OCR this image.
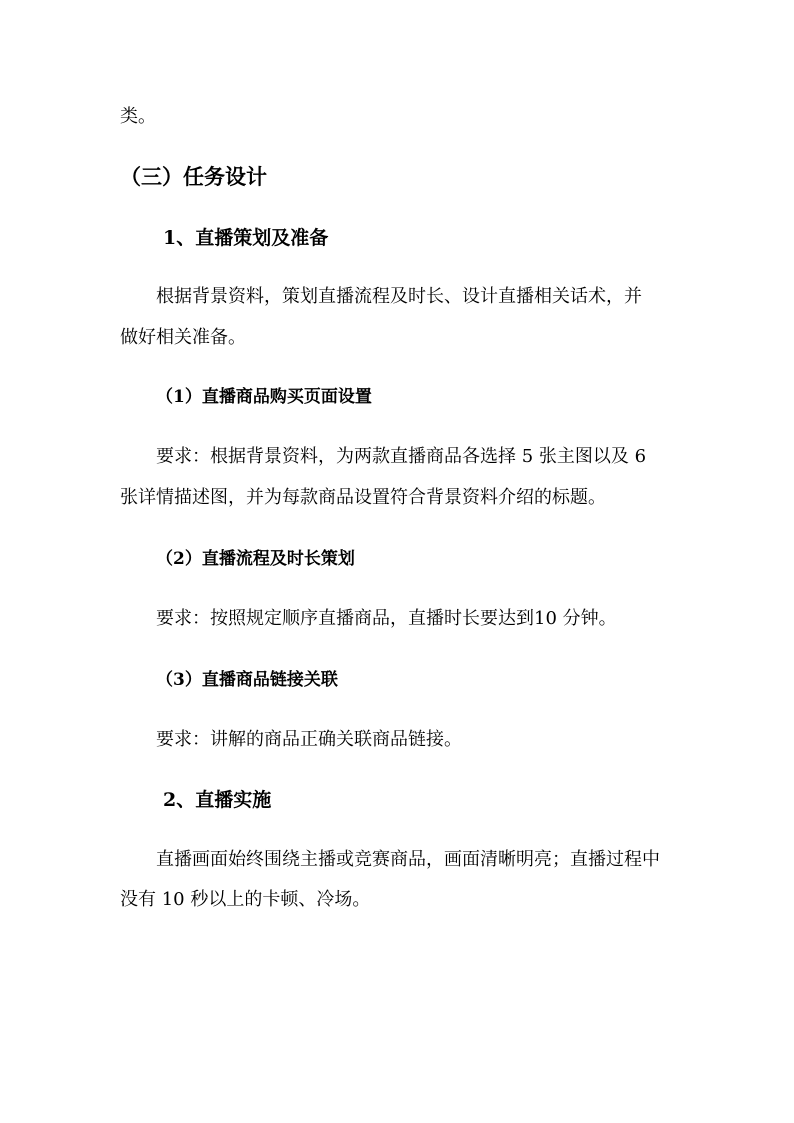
类。
（三）任务设计
1、直播策划及准备
根据背景资料，策划直播流程及时长、设计直播相关话术，并
做好相关准备。
（1）直播商品购买页面设置
要求：根据背景资料，为两款直播商品各选择 5 张主图以及 6
张详情描述图，并为每款商品设置符合背景资料介绍的标题。
（2）直播流程及时长策划
要求：按照规定顺序直播商品，直播时长要达到10 分钟。
（3）直播商品链接关联
要求：讲解的商品正确关联商品链接。
2、直播实施
直播画面始终围绕主播或竞赛商品，画面清晰明亮；直播过程中
没有 10 秒以上的卡顿、冷场。
